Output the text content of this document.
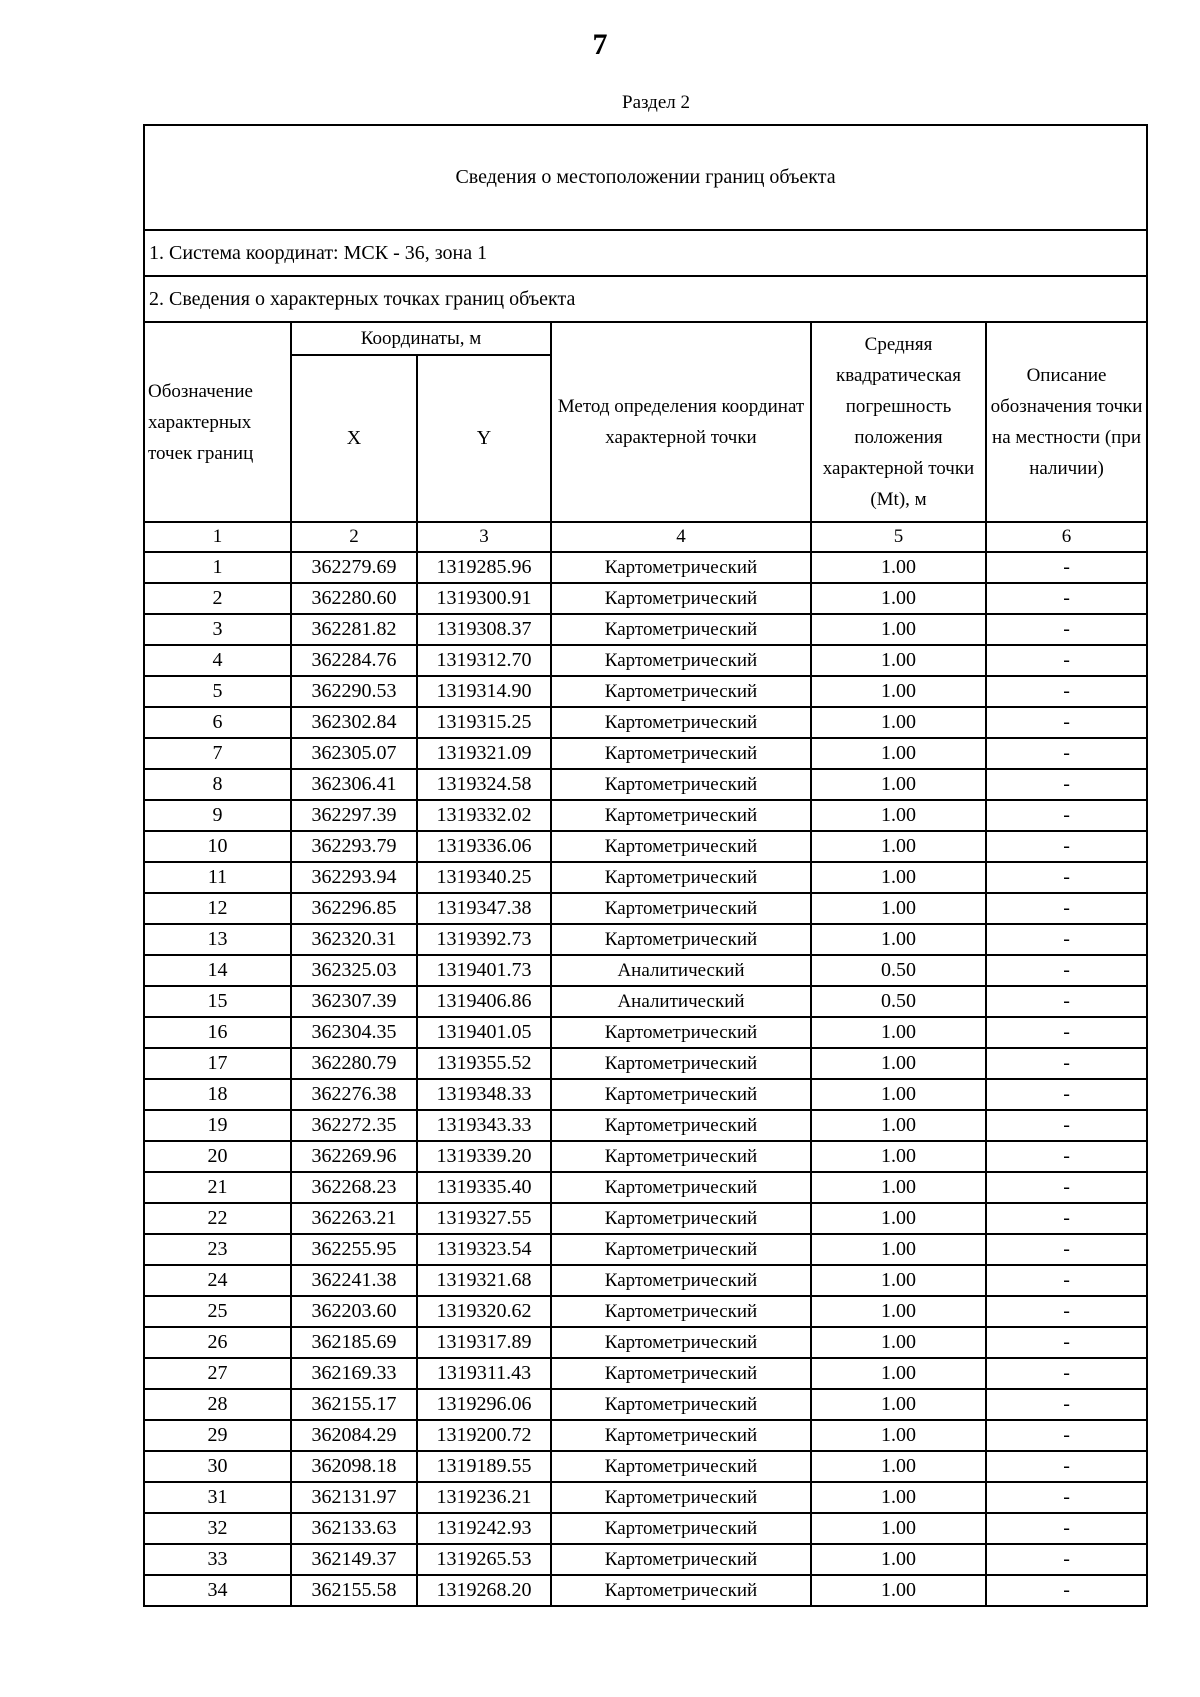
7
Раздел 2
Сведения о местоположении границ объекта					
1. Система координат: МСК - 36, зона 1					
2. Сведения о характерных точках границ объекта					
Обозначение характерных точек границ	Координаты, м		Метод определения координат характерной точки	Средняя квадратическая погрешность положения характерной точки (Mt), м	Описание обозначения точки на местности (при наличии)
	X	Y			
1	2	3	4	5	6
1	362279.69	1319285.96	Картометрический	1.00	-
2	362280.60	1319300.91	Картометрический	1.00	-
3	362281.82	1319308.37	Картометрический	1.00	-
4	362284.76	1319312.70	Картометрический	1.00	-
5	362290.53	1319314.90	Картометрический	1.00	-
6	362302.84	1319315.25	Картометрический	1.00	-
7	362305.07	1319321.09	Картометрический	1.00	-
8	362306.41	1319324.58	Картометрический	1.00	-
9	362297.39	1319332.02	Картометрический	1.00	-
10	362293.79	1319336.06	Картометрический	1.00	-
11	362293.94	1319340.25	Картометрический	1.00	-
12	362296.85	1319347.38	Картометрический	1.00	-
13	362320.31	1319392.73	Картометрический	1.00	-
14	362325.03	1319401.73	Аналитический	0.50	-
15	362307.39	1319406.86	Аналитический	0.50	-
16	362304.35	1319401.05	Картометрический	1.00	-
17	362280.79	1319355.52	Картометрический	1.00	-
18	362276.38	1319348.33	Картометрический	1.00	-
19	362272.35	1319343.33	Картометрический	1.00	-
20	362269.96	1319339.20	Картометрический	1.00	-
21	362268.23	1319335.40	Картометрический	1.00	-
22	362263.21	1319327.55	Картометрический	1.00	-
23	362255.95	1319323.54	Картометрический	1.00	-
24	362241.38	1319321.68	Картометрический	1.00	-
25	362203.60	1319320.62	Картометрический	1.00	-
26	362185.69	1319317.89	Картометрический	1.00	-
27	362169.33	1319311.43	Картометрический	1.00	-
28	362155.17	1319296.06	Картометрический	1.00	-
29	362084.29	1319200.72	Картометрический	1.00	-
30	362098.18	1319189.55	Картометрический	1.00	-
31	362131.97	1319236.21	Картометрический	1.00	-
32	362133.63	1319242.93	Картометрический	1.00	-
33	362149.37	1319265.53	Картометрический	1.00	-
34	362155.58	1319268.20	Картометрический	1.00	-
